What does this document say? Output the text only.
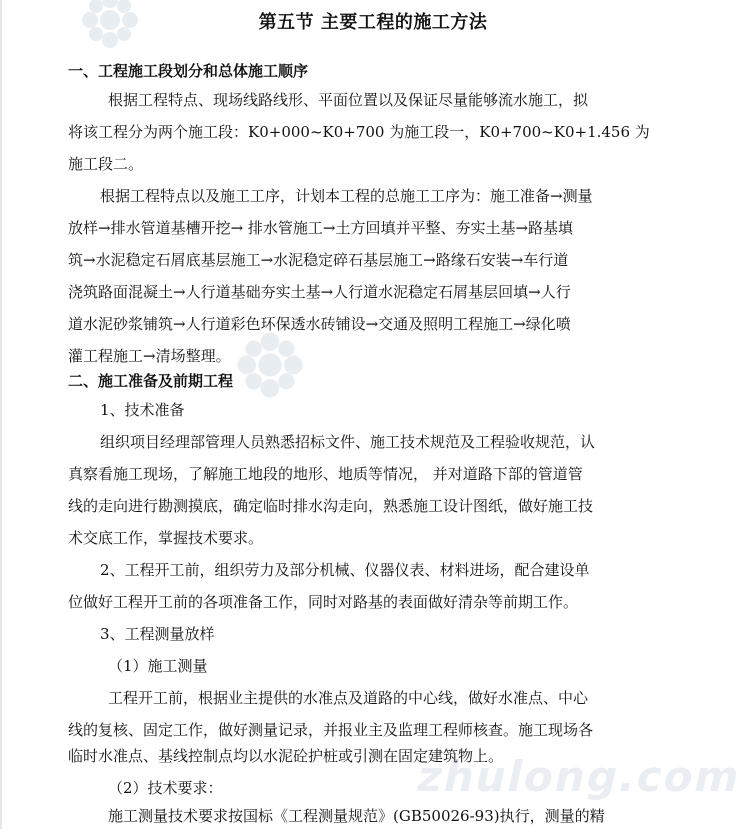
zhulong.com
第五节 主要工程的施工方法
一、工程施工段划分和总体施工顺序
根据工程特点、现场线路线形、平面位置以及保证尽量能够流水施工，拟
将该工程分为两个施工段：K0+000~K0+700 为施工段一，K0+700~K0+1.456 为
施工段二。
根据工程特点以及施工工序，计划本工程的总施工工序为：施工准备→测量
放样→排水管道基槽开挖→ 排水管施工→土方回填并平整、夯实土基→路基填
筑→水泥稳定石屑底基层施工→水泥稳定碎石基层施工→路缘石安装→车行道
浇筑路面混凝土→人行道基础夯实土基→人行道水泥稳定石屑基层回填→人行
道水泥砂浆铺筑→人行道彩色环保透水砖铺设→交通及照明工程施工→绿化喷
灌工程施工→清场整理。
二、施工准备及前期工程
1、技术准备
组织项目经理部管理人员熟悉招标文件、施工技术规范及工程验收规范，认
真察看施工现场，了解施工地段的地形、地质等情况， 并对道路下部的管道管
线的走向进行勘测摸底，确定临时排水沟走向，熟悉施工设计图纸，做好施工技
术交底工作，掌握技术要求。
2、工程开工前，组织劳力及部分机械、仪器仪表、材料进场，配合建设单
位做好工程开工前的各项准备工作，同时对路基的表面做好清杂等前期工作。
3、工程测量放样
（1）施工测量
工程开工前，根据业主提供的水准点及道路的中心线，做好水准点、中心
线的复核、固定工作，做好测量记录，并报业主及监理工程师核查。施工现场各
临时水准点、基线控制点均以水泥砼护桩或引测在固定建筑物上。
（2）技术要求：
施工测量技术要求按国标《工程测量规范》(GB50026-93)执行，测量的精
